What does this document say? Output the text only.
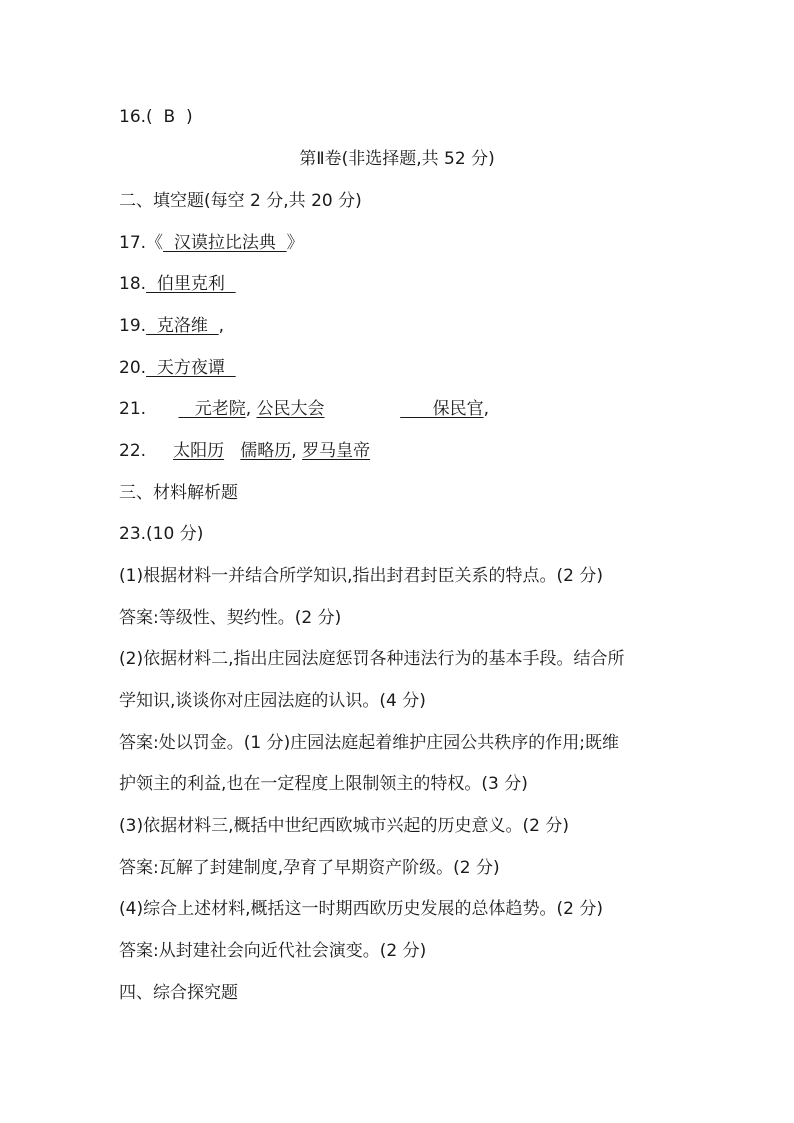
16.(  B  )
第Ⅱ卷(非选择题,共 52 分)
二、填空题(每空 2 分,共 20 分)
17.《  汉谟拉比法典  》
18.  伯里克利
19.  克洛维  ,
20.  天方夜谭
21.         元老院, 公民大会	保民官,
22. 太阳历 儒略历, 罗马皇帝
三、材料解析题
23.(10 分)
(1)根据材料一并结合所学知识,指出封君封臣关系的特点。(2 分)
答案:等级性、契约性。(2 分)
(2)依据材料二,指出庄园法庭惩罚各种违法行为的基本手段。结合所
学知识,谈谈你对庄园法庭的认识。(4 分)
答案:处以罚金。(1 分)庄园法庭起着维护庄园公共秩序的作用;既维
护领主的利益,也在一定程度上限制领主的特权。(3 分)
(3)依据材料三,概括中世纪西欧城市兴起的历史意义。(2 分)
答案:瓦解了封建制度,孕育了早期资产阶级。(2 分)
(4)综合上述材料,概括这一时期西欧历史发展的总体趋势。(2 分)
答案:从封建社会向近代社会演变。(2 分)
四、综合探究题
